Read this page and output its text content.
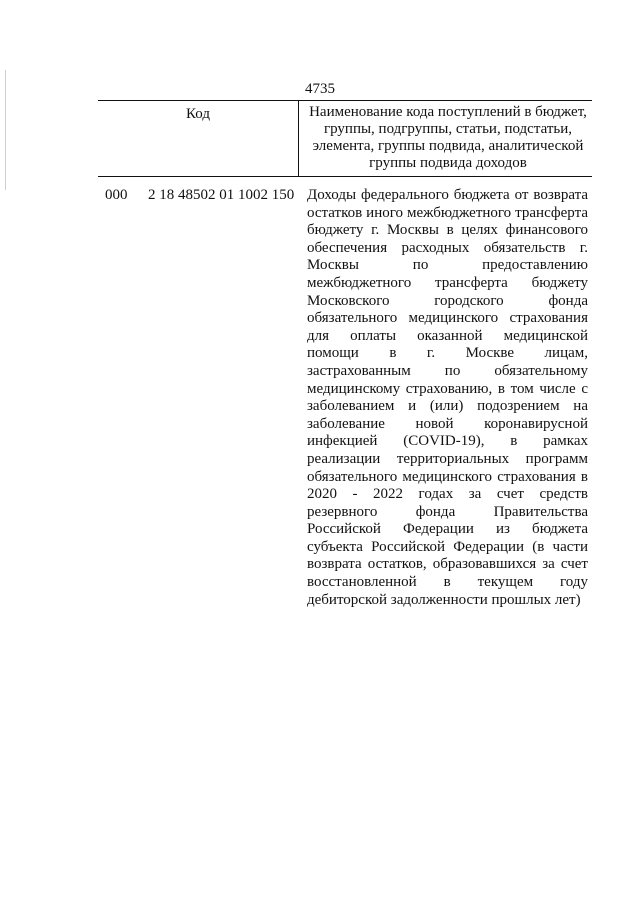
4735
Код	Наименование кода поступлений в бюджет, группы, подгруппы, статьи, подстатьи, элемента, группы подвида, аналитической группы подвида доходов
000 2 18 48502 01 1002 150 Доходы федерального бюджета от возврата остатков иного межбюджетного трансферта бюджету г. Москвы в целях финансового обеспечения расходных обязательств г. Москвы по предоставлению межбюджетного трансферта бюджету Московского городского фонда обязательного медицинского страхования для оплаты оказанной медицинской помощи в г. Москве лицам, застрахованным по обязательному медицинскому страхованию, в том числе с заболеванием и (или) подозрением на заболевание новой коронавирусной инфекцией (COVID-19), в рамках реализации территориальных программ обязательного медицинского страхования в 2020 - 2022 годах за счет средств резервного фонда Правительства Российской Федерации из бюджета субъекта Российской Федерации (в части возврата остатков, образовавшихся за счет восстановленной в текущем году дебиторской задолженности прошлых лет)
